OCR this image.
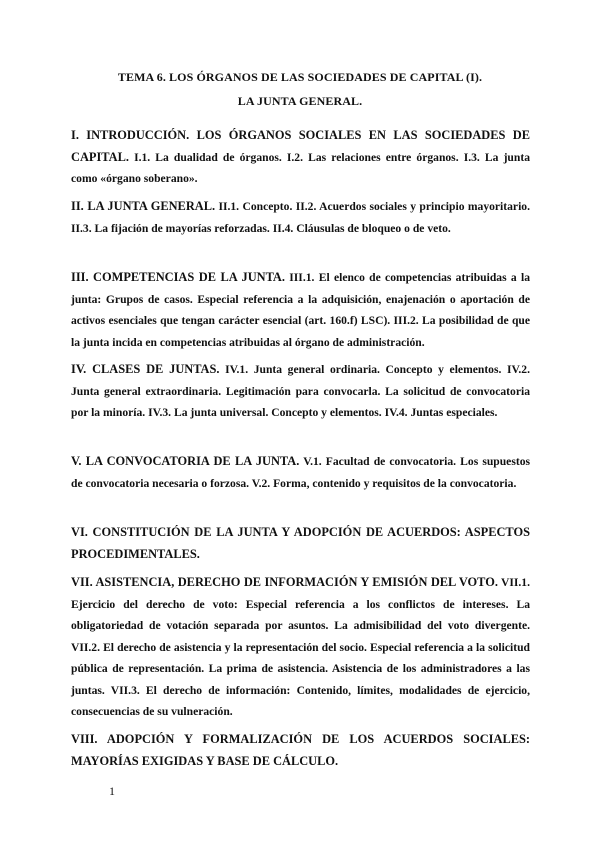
TEMA 6. LOS ÓRGANOS DE LAS SOCIEDADES DE CAPITAL (I).
LA JUNTA GENERAL.
I. INTRODUCCIÓN. LOS ÓRGANOS SOCIALES EN LAS SOCIEDADES DE CAPITAL. I.1. La dualidad de órganos. I.2. Las relaciones entre órganos. I.3. La junta como «órgano soberano».
II. LA JUNTA GENERAL. II.1. Concepto. II.2. Acuerdos sociales y principio mayoritario. II.3. La fijación de mayorías reforzadas. II.4. Cláusulas de bloqueo o de veto.
III. COMPETENCIAS DE LA JUNTA. III.1. El elenco de competencias atribuidas a la junta: Grupos de casos. Especial referencia a la adquisición, enajenación o aportación de activos esenciales que tengan carácter esencial (art. 160.f) LSC). III.2. La posibilidad de que la junta incida en competencias atribuidas al órgano de administración.
IV. CLASES DE JUNTAS. IV.1. Junta general ordinaria. Concepto y elementos. IV.2. Junta general extraordinaria. Legitimación para convocarla. La solicitud de convocatoria por la minoría. IV.3. La junta universal. Concepto y elementos. IV.4. Juntas especiales.
V. LA CONVOCATORIA DE LA JUNTA. V.1. Facultad de convocatoria. Los supuestos de convocatoria necesaria o forzosa. V.2. Forma, contenido y requisitos de la convocatoria.
VI. CONSTITUCIÓN DE LA JUNTA Y ADOPCIÓN DE ACUERDOS: ASPECTOS PROCEDIMENTALES.
VII. ASISTENCIA, DERECHO DE INFORMACIÓN Y EMISIÓN DEL VOTO. VII.1. Ejercicio del derecho de voto: Especial referencia a los conflictos de intereses. La obligatoriedad de votación separada por asuntos. La admisibilidad del voto divergente. VII.2. El derecho de asistencia y la representación del socio. Especial referencia a la solicitud pública de representación. La prima de asistencia. Asistencia de los administradores a las juntas. VII.3. El derecho de información: Contenido, límites, modalidades de ejercicio, consecuencias de su vulneración.
VIII. ADOPCIÓN Y FORMALIZACIÓN DE LOS ACUERDOS SOCIALES: MAYORÍAS EXIGIDAS Y BASE DE CÁLCULO.
1
